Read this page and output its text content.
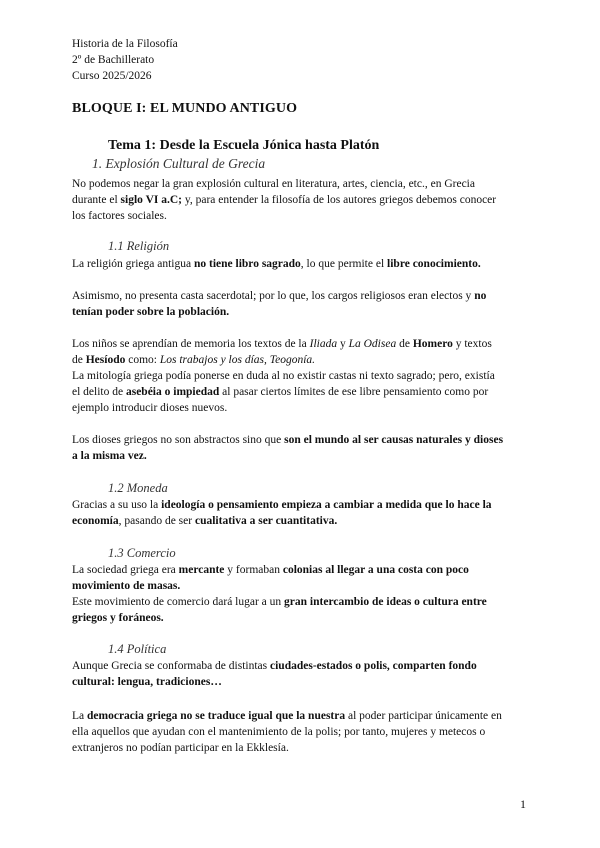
Historia de la Filosofía
2º de Bachillerato
Curso 2025/2026
BLOQUE I: EL MUNDO ANTIGUO
Tema 1: Desde la Escuela Jónica hasta Platón
1. Explosión Cultural de Grecia
No podemos negar la gran explosión cultural en literatura, artes, ciencia, etc., en Grecia
durante el siglo VI a.C; y, para entender la filosofía de los autores griegos debemos conocer
los factores sociales.
1.1 Religión
La religión griega antigua no tiene libro sagrado, lo que permite el libre conocimiento.
Asimismo, no presenta casta sacerdotal; por lo que, los cargos religiosos eran electos y no
tenían poder sobre la población.
Los niños se aprendían de memoria los textos de la Iliada y La Odisea de Homero y textos
de Hesíodo como: Los trabajos y los días, Teogonía.
La mitología griega podía ponerse en duda al no existir castas ni texto sagrado; pero, existía
el delito de asebéia o impiedad al pasar ciertos límites de ese libre pensamiento como por
ejemplo introducir dioses nuevos.
Los dioses griegos no son abstractos sino que son el mundo al ser causas naturales y dioses
a la misma vez.
1.2 Moneda
Gracias a su uso la ideología o pensamiento empieza a cambiar a medida que lo hace la
economía, pasando de ser cualitativa a ser cuantitativa.
1.3 Comercio
La sociedad griega era mercante y formaban colonias al llegar a una costa con poco
movimiento de masas.
Este movimiento de comercio dará lugar a un gran intercambio de ideas o cultura entre
griegos y foráneos.
1.4 Política
Aunque Grecia se conformaba de distintas ciudades-estados o polis, comparten fondo
cultural: lengua, tradiciones…
La democracia griega no se traduce igual que la nuestra al poder participar únicamente en
ella aquellos que ayudan con el mantenimiento de la polis; por tanto, mujeres y metecos o
extranjeros no podían participar en la Ekklesía.
1
